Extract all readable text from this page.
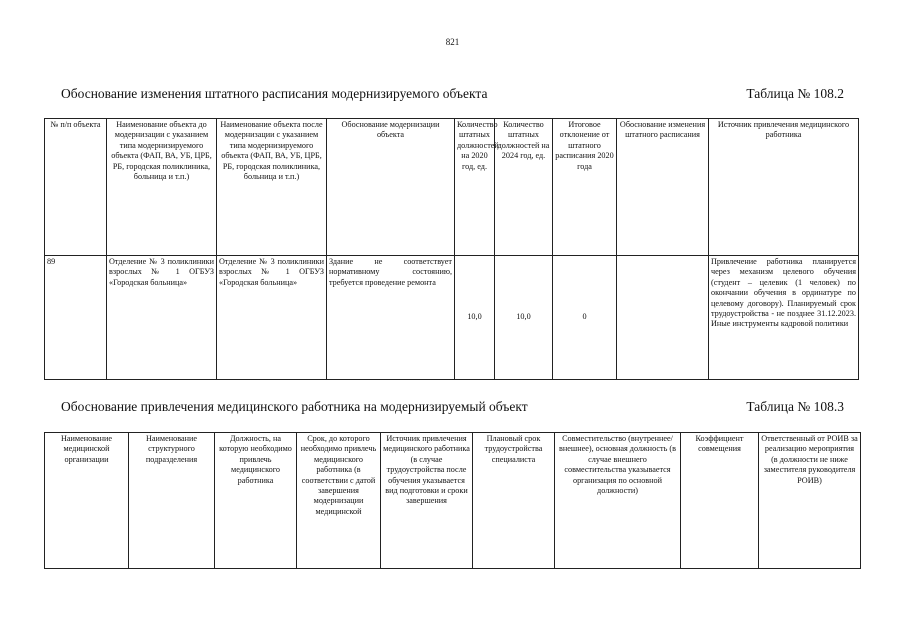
821
Обоснование изменения штатного расписания модернизируемого объекта	Таблица № 108.2
№ п/п объекта	Наименование объекта до модернизации с указанием типа модернизируемого объекта (ФАП, ВА, УБ, ЦРБ, РБ, городская поликлиника, больница и т.п.)	Наименование объекта после модернизации с указанием типа модернизируемого объекта (ФАП, ВА, УБ, ЦРБ, РБ, городская поликлиника, больница и т.п.)	Обоснование модернизации объекта	Количество штатных должностей на 2020 год, ед.	Количество штатных должностей на 2024 год, ед.	Итоговое отклонение от штатного расписания 2020 года	Обоснование изменения штатного расписания	Источник привлечения медицинского работника
89	Отделение № 3 поликлиники взрослых № 1 ОГБУЗ «Городская больница»	Отделение № 3 поликлиники взрослых № 1 ОГБУЗ «Городская больница»	Здание не соответствует нормативному состоянию, требуется проведение ремонта	10,0	10,0	0		Привлечение работника планируется через механизм целевого обучения (студент – целевик (1 человек) по окончании обучения в ординатуре по целевому договору). Планируемый срок трудоустройства - не позднее 31.12.2023. Иные инструменты кадровой политики
Обоснование привлечения медицинского работника на модернизируемый объект	Таблица № 108.3
Наименование медицинской организации	Наименование структурного подразделения	Должность, на которую необходимо привлечь медицинского работника	Срок, до которого необходимо привлечь медицинского работника (в соответствии с датой завершения модернизации медицинской	Источник привлечения медицинского работника (в случае трудоустройства после обучения указывается вид подготовки и сроки завершения	Плановый срок трудоустройства специалиста	Совместительство (внутреннее/внешнее), основная должность (в случае внешнего совместительства указывается организация по основной должности)	Коэффициент совмещения	Ответственный от РОИВ за реализацию мероприятия (в должности не ниже заместителя руководителя РОИВ)
